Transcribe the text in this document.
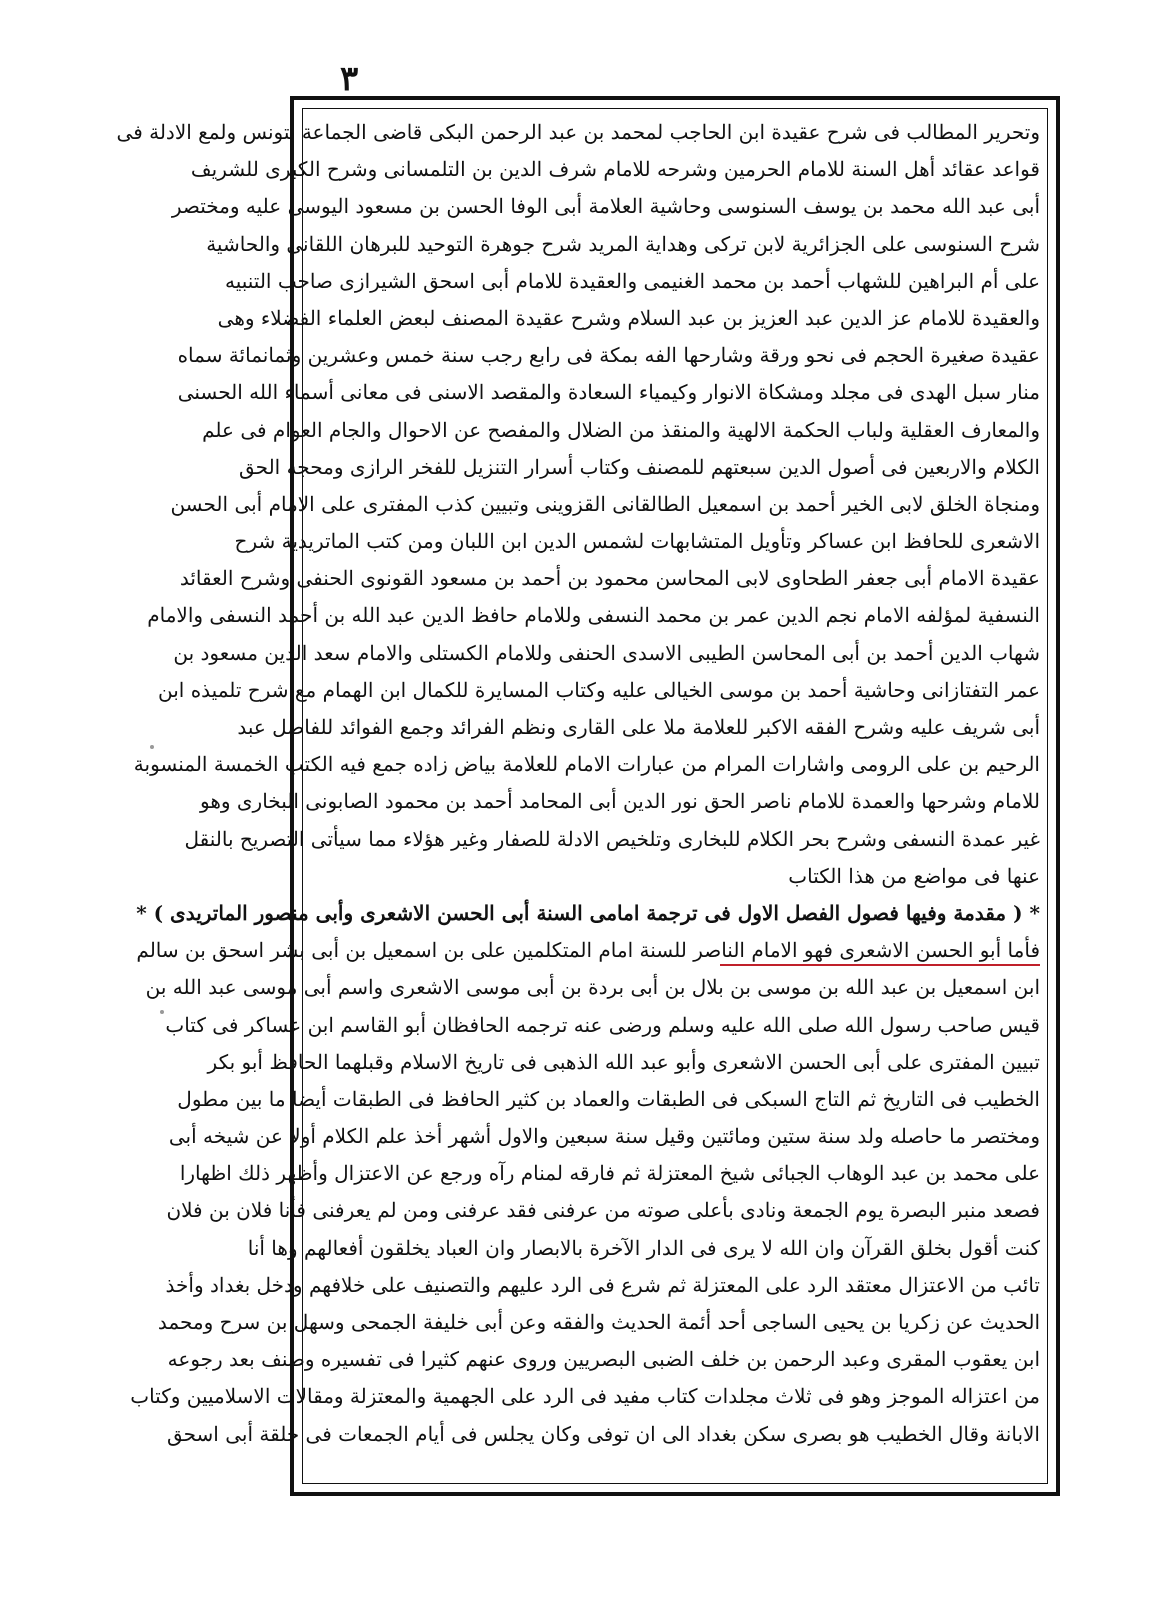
٣
وتحرير المطالب فى شرح عقيدة ابن الحاجب لمحمد بن عبد الرحمن البكى قاضى الجماعة بتونس ولمع الادلة فى
قواعد عقائد أهل السنة للامام الحرمين وشرحه للامام شرف الدين بن التلمسانى وشرح الكبرى للشريف
أبى عبد الله محمد بن يوسف السنوسى وحاشية العلامة أبى الوفا الحسن بن مسعود اليوسى عليه ومختصر
شرح السنوسى على الجزائرية لابن تركى وهداية المريد شرح جوهرة التوحيد للبرهان اللقانى والحاشية
على أم البراهين للشهاب أحمد بن محمد الغنيمى والعقيدة للامام أبى اسحق الشيرازى صاحب التنبيه
والعقيدة للامام عز الدين عبد العزيز بن عبد السلام وشرح عقيدة المصنف لبعض العلماء الفضلاء وهى
عقيدة صغيرة الحجم فى نحو ورقة وشارحها الفه بمكة فى رابع رجب سنة خمس وعشرين وثمانمائة سماه
منار سبل الهدى فى مجلد ومشكاة الانوار وكيمياء السعادة والمقصد الاسنى فى معانى أسماء الله الحسنى
والمعارف العقلية ولباب الحكمة الالهية والمنقذ من الضلال والمفصح عن الاحوال والجام العوام فى علم
الكلام والاربعين فى أصول الدين سبعتهم للمصنف وكتاب أسرار التنزيل للفخر الرازى ومحجة الحق
ومنجاة الخلق لابى الخير أحمد بن اسمعيل الطالقانى القزوينى وتبيين كذب المفترى على الامام أبى الحسن
الاشعرى للحافظ ابن عساكر وتأويل المتشابهات لشمس الدين ابن اللبان ومن كتب الماتريدية شرح
عقيدة الامام أبى جعفر الطحاوى لابى المحاسن محمود بن أحمد بن مسعود القونوى الحنفى وشرح العقائد
النسفية لمؤلفه الامام نجم الدين عمر بن محمد النسفى وللامام حافظ الدين عبد الله بن أحمد النسفى والامام
شهاب الدين أحمد بن أبى المحاسن الطيبى الاسدى الحنفى وللامام الكستلى والامام سعد الدين مسعود بن
عمر التفتازانى وحاشية أحمد بن موسى الخيالى عليه وكتاب المسايرة للكمال ابن الهمام مع شرح تلميذه ابن
أبى شريف عليه وشرح الفقه الاكبر للعلامة ملا على القارى ونظم الفرائد وجمع الفوائد للفاضل عبد
الرحيم بن على الرومى واشارات المرام من عبارات الامام للعلامة بياض زاده جمع فيه الكتب الخمسة المنسوبة
للامام وشرحها والعمدة للامام ناصر الحق نور الدين أبى المحامد أحمد بن محمود الصابونى البخارى وهو
غير عمدة النسفى وشرح بحر الكلام للبخارى وتلخيص الادلة للصفار وغير هؤلاء مما سيأتى التصريح بالنقل
عنها فى مواضع من هذا الكتاب
* ( مقدمة وفيها فصول الفصل الاول فى ترجمة امامى السنة أبى الحسن الاشعرى وأبى منصور الماتريدى ) *
فأما أبو الحسن الاشعرى فهو الامام الناصر للسنة امام المتكلمين على بن اسمعيل بن أبى بشر اسحق بن سالم
ابن اسمعيل بن عبد الله بن موسى بن بلال بن أبى بردة بن أبى موسى الاشعرى واسم أبى موسى عبد الله بن
قيس صاحب رسول الله صلى الله عليه وسلم ورضى عنه ترجمه الحافظان أبو القاسم ابن عساكر فى كتاب
تبيين المفترى على أبى الحسن الاشعرى وأبو عبد الله الذهبى فى تاريخ الاسلام وقبلهما الحافظ أبو بكر
الخطيب فى التاريخ ثم التاج السبكى فى الطبقات والعماد بن كثير الحافظ فى الطبقات أيضا ما بين مطول
ومختصر ما حاصله ولد سنة ستين ومائتين وقيل سنة سبعين والاول أشهر أخذ علم الكلام أولا عن شيخه أبى
على محمد بن عبد الوهاب الجبائى شيخ المعتزلة ثم فارقه لمنام رآه ورجع عن الاعتزال وأظهر ذلك اظهارا
فصعد منبر البصرة يوم الجمعة ونادى بأعلى صوته من عرفنى فقد عرفنى ومن لم يعرفنى فأنا فلان بن فلان
كنت أقول بخلق القرآن وان الله لا يرى فى الدار الآخرة بالابصار وان العباد يخلقون أفعالهم وها أنا
تائب من الاعتزال معتقد الرد على المعتزلة ثم شرع فى الرد عليهم والتصنيف على خلافهم ودخل بغداد وأخذ
الحديث عن زكريا بن يحيى الساجى أحد أئمة الحديث والفقه وعن أبى خليفة الجمحى وسهل بن سرح ومحمد
ابن يعقوب المقرى وعبد الرحمن بن خلف الضبى البصريين وروى عنهم كثيرا فى تفسيره وصنف بعد رجوعه
من اعتزاله الموجز وهو فى ثلاث مجلدات كتاب مفيد فى الرد على الجهمية والمعتزلة ومقالات الاسلاميين وكتاب
الابانة وقال الخطيب هو بصرى سكن بغداد الى ان توفى وكان يجلس فى أيام الجمعات فى حلقة أبى اسحق
